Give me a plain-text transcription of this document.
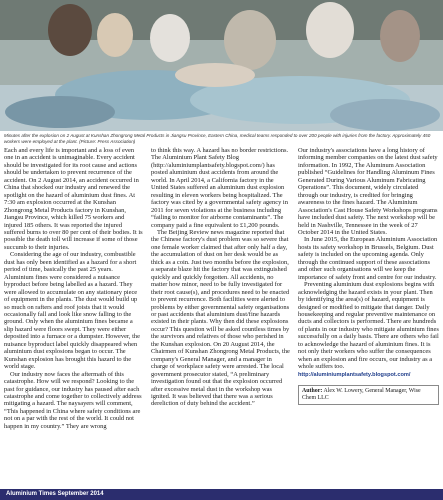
Minutes after the explosion on 2 August at Kunshan Zhongrong Metal Products in Jiangsu Province, Eastern China, medical teams responded to over 200 people with injuries from the factory. Approximately 450 workers were employed at the plant. (Picture: Press Association)

Each and every life is important and a loss of even one in an accident is unimaginable. Every accident should be investigated for its root cause and actions should be undertaken to prevent recurrence of the accident. On 2 August 2014, an accident occurred in China that shocked our industry and renewed the spotlight on the hazard of aluminium dust fines. At 7:30 am explosion occurred at the Kunshan Zhongrong Metal Products factory in Kunshan, Jiangsu Province, which killed 75 workers and injured 185 others. It was reported the injured suffered burns to over 80 per cent of their bodies. It is possible the death toll will increase if some of those succumb to their injuries.

Considering the age of our industry, combustible dust has only been identified as a hazard for a short period of time, basically the past 25 years. Aluminium fines were considered a nuisance byproduct before being labelled as a hazard. They were allowed to accumulate on any stationary piece of equipment in the plants. The dust would build up so much on rafters and roof joists that it would occasionally fall and look like snow falling to the ground. Only when the aluminium fines became a slip hazard were floors swept. They were either deposited into a furnace or a dumpster. However, the nuisance byproduct label quickly disappeared when aluminium dust explosions began to occur. The Kunshan explosion has brought this hazard to the world stage.

Our industry now faces the aftermath of this catastrophe. How will we respond? Looking to the past for guidance, our industry has paused after each catastrophe and come together to collectively address mitigating a hazard. The naysayers will comment, “This happened in China where safety conditions are not on a par with the rest of the world. It could not happen in my country.” They are wrong

to think this way. A hazard has no border restrictions. The Aluminium Plant Safety Blog (http://aluminiumplantsafety.blogspot.com/) has posted aluminium dust accidents from around the world. In April 2014, a California factory in the United States suffered an aluminium dust explosion resulting in eleven workers being hospitalized. The factory was cited by a governmental safety agency in 2011 for seven violations at the business including “failing to monitor for airborne contaminants”. The company paid a fine equivalent to £1,200 pounds.

The Beijing Review news magazine reported that the Chinese factory's dust problem was so severe that one female worker claimed that after only half a day, the accumulation of dust on her desk would be as thick as a coin. Just two months before the explosion, a separate blaze hit the factory that was extinguished quickly and quickly forgotten. All accidents, no matter how minor, need to be fully investigated for their root cause(s), and procedures need to be enacted to prevent recurrence. Both facilities were alerted to problems by either governmental safety organisations or past accidents that aluminium dust/fine hazards existed in their plants. Why then did these explosions occur? This question will be asked countless times by the survivors and relatives of those who perished in the Kunshan explosion. On 20 August 2014, the Chairmen of Kunshan Zhongrong Metal Products, the company's General Manager, and a manager in charge of workplace safety were arrested. The local government prosecutor stated, “A preliminary investigation found out that the explosion occurred after excessive metal dust in the workshop was ignited. It was believed that there was a serious dereliction of duty behind the accident.”

Our industry's associations have a long history of informing member companies on the latest dust safety information. In 1992, The Aluminum Association published “Guidelines for Handling Aluminum Fines Generated During Various Aluminum Fabricating Operations”. This document, widely circulated through our industry, is credited for bringing awareness to the fines hazard. The Aluminium Association's Cast House Safety Workshops programs have included dust safety. The next workshop will be held in Nashville, Tennessee in the week of 27 October 2014 in the United States.

In June 2015, the European Aluminium Association hosts its safety workshop in Brussels, Belgium. Dust safety is included on the upcoming agenda. Only through the continued support of these associations and other such organisations will we keep the importance of safety front and centre for our industry.

Preventing aluminium dust explosions begins with acknowledging the hazard exists in your plant. Then by identifying the area(s) of hazard, equipment is designed or modified to mitigate that danger. Daily housekeeping and regular preventive maintenance on ducts and collectors is performed. There are hundreds of plants in our industry who mitigate aluminium fines successfully on a daily basis. There are others who fail to acknowledge the hazard of aluminium fines. It is not only their workers who suffer the consequences when an explosion and fire occurs, our industry as a whole suffers too.

http://aluminiumplantsafety.blogspot.com/
Author: Alex W. Lowery, General Manager, Wise Chem LLC
Aluminium Times September 2014
